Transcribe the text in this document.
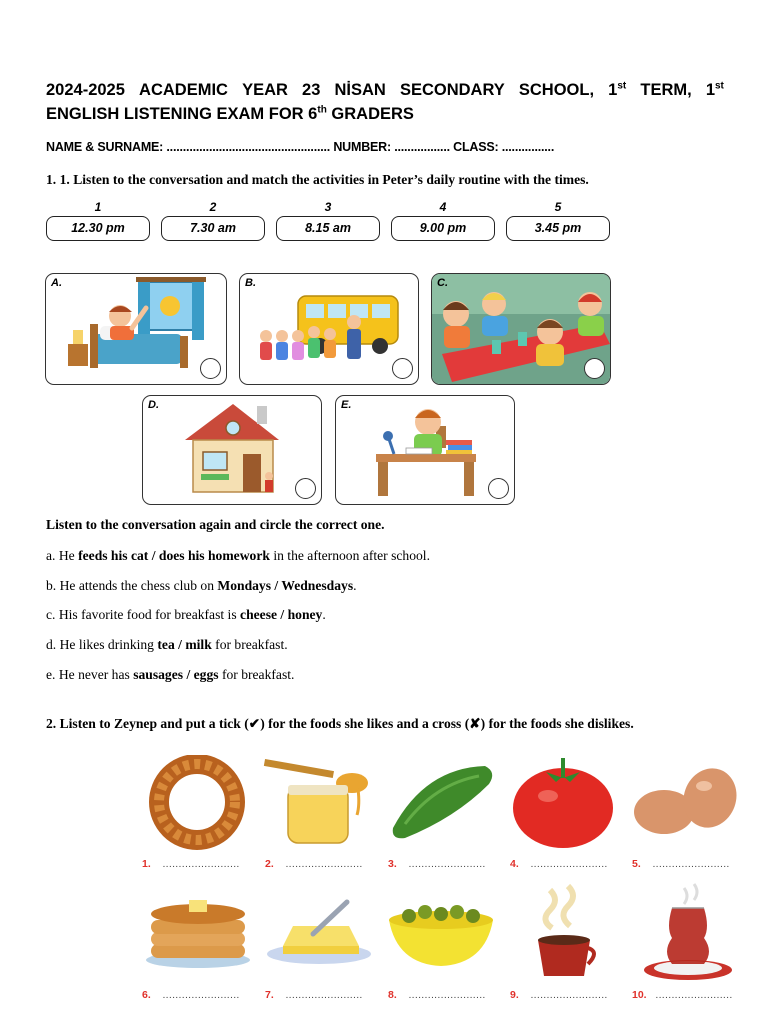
2024-2025 ACADEMIC YEAR 23 NİSAN SECONDARY SCHOOL, 1st TERM, 1st
ENGLISH LISTENING EXAM FOR 6th GRADERS
NAME & SURNAME: .................................................. NUMBER: ................. CLASS: ................
1. 1. Listen to the conversation and match the activities in Peter’s daily routine with the times.
1
12.30 pm
2
7.30 am
3
8.15 am
4
9.00 pm
5
3.45 pm
A.	B.	C.
D.	E.
Listen to the conversation again and circle the correct one.
a. He feeds his cat / does his homework in the afternoon after school.
b. He attends the chess club on Mondays / Wednesdays.
c. His favorite food for breakfast is cheese / honey.
d. He likes drinking tea / milk for breakfast.
e. He never has sausages / eggs for breakfast.
2. Listen to Zeynep and put a tick (✔) for the foods she likes and a cross (✘) for the foods she dislikes.
1. ........................ 2. ........................ 3. ........................ 4. ........................ 5. ........................
6. ........................ 7. ........................ 8. ........................ 9. ........................ 10. ........................
